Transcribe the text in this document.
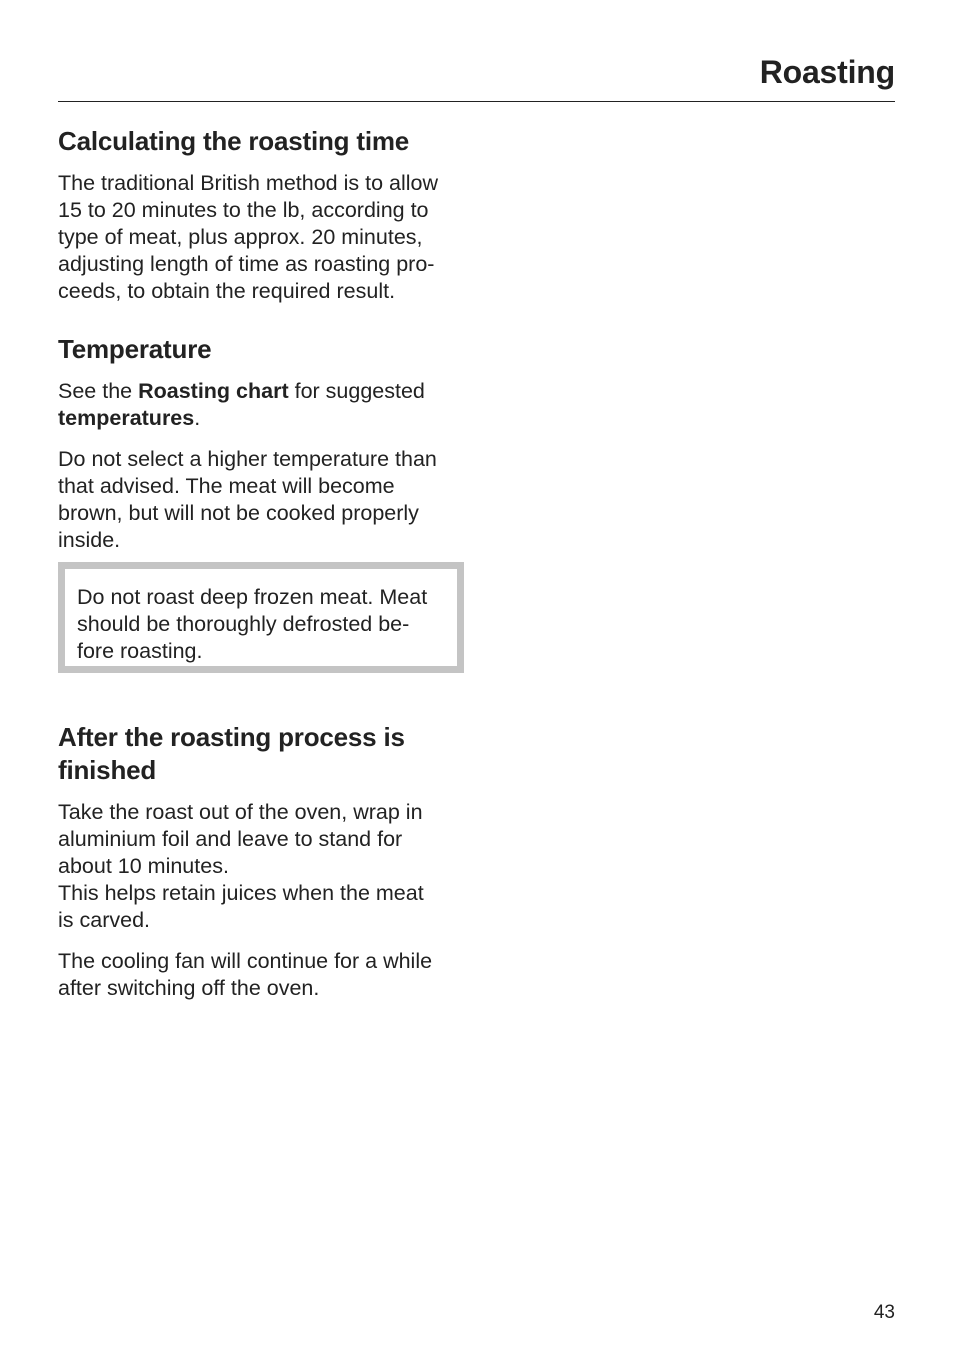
Roasting
Calculating the roasting time

The traditional British method is to allow
15 to 20 minutes to the lb, according to
type of meat, plus approx. 20 minutes,
adjusting length of time as roasting pro-
ceeds, to obtain the required result.

Temperature

See the Roasting chart for suggested
temperatures.

Do not select a higher temperature than
that advised. The meat will become
brown, but will not be cooked properly
inside.

Do not roast deep frozen meat. Meat
should be thoroughly defrosted be-
fore roasting.

After the roasting process is
finished

Take the roast out of the oven, wrap in
aluminium foil and leave to stand for
about 10 minutes.
This helps retain juices when the meat
is carved.

The cooling fan will continue for a while
after switching off the oven.

43
